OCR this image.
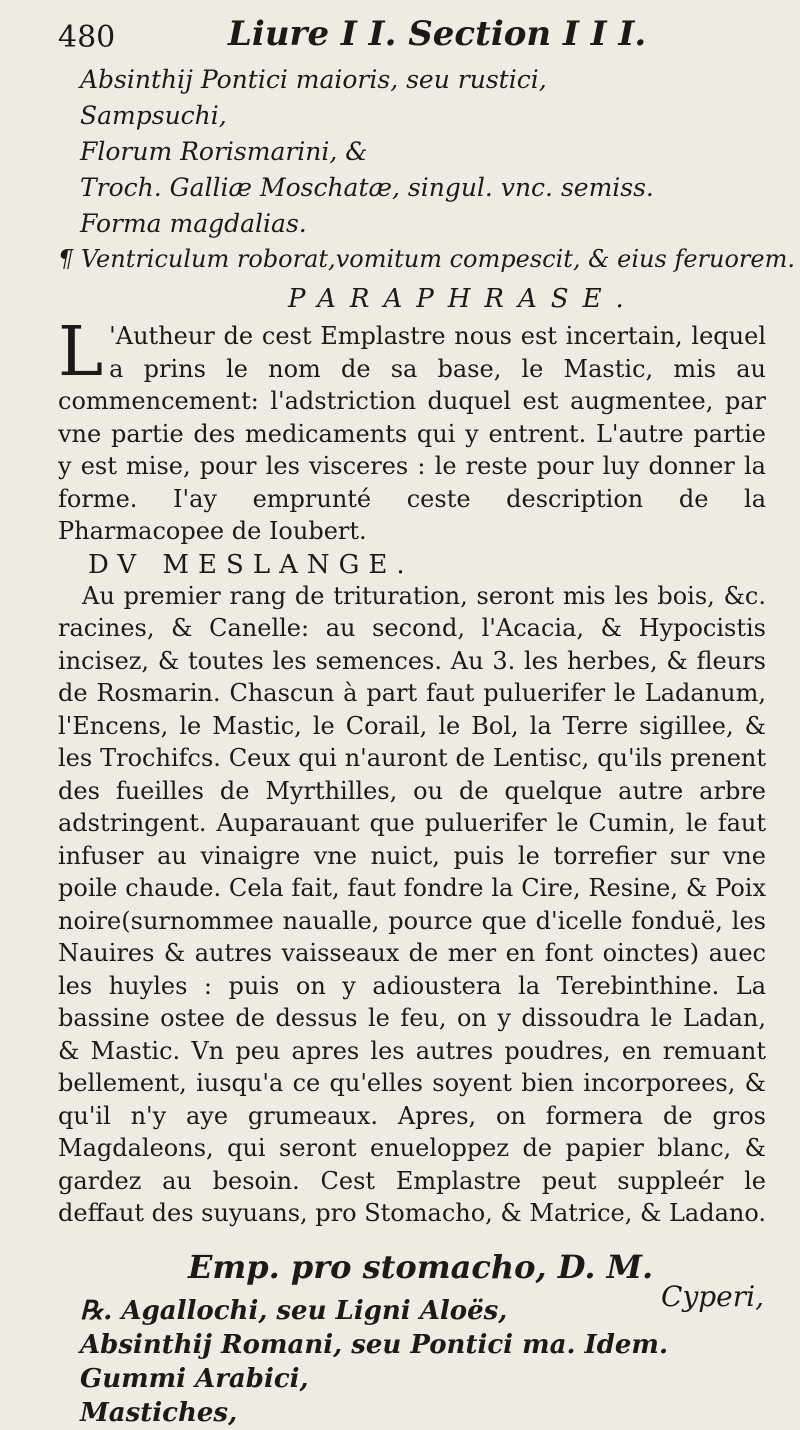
480	Liure I I. Section I I I.
Absinthij Pontici maioris, seu rustici,
Sampsuchi,
Florum Rorismarini, &
Troch. Galliæ Moschatæ, singul. vnc. semiss.
Forma magdalias.
¶ Ventriculum roborat,vomitum compescit, & eius feruorem.
PARAPHRASE.

L 'Autheur de cest Emplastre nous est incertain, lequel a prins le nom de sa base, le Mastic, mis au commencement: l'adstriction duquel est augmentee, par vne partie des medicaments qui y entrent. L'autre partie y est mise, pour les visceres : le reste pour luy donner la forme. I'ay emprunté ceste description de la Pharmacopee de Ioubert.

DV MESLANGE.

Au premier rang de trituration, seront mis les bois, &c. racines, & Canelle: au second, l'Acacia, & Hypocistis incisez, & toutes les semences. Au 3. les herbes, & fleurs de Rosmarin. Chascun à part faut puluerifer le Ladanum, l'Encens, le Mastic, le Corail, le Bol, la Terre sigillee, & les Trochifcs. Ceux qui n'auront de Lentisc, qu'ils prenent des fueilles de Myrthilles, ou de quelque autre arbre adstringent. Auparauant que puluerifer le Cumin, le faut infuser au vinaigre vne nuict, puis le torrefier sur vne poile chaude. Cela fait, faut fondre la Cire, Resine, & Poix noire(surnommee naualle, pource que d'icelle fonduë, les Nauires & autres vaisseaux de mer en font oinctes) auec les huyles : puis on y adioustera la Terebinthine. La bassine ostee de dessus le feu, on y dissoudra le Ladan, & Mastic. Vn peu apres les autres poudres, en remuant bellement, iusqu'a ce qu'elles soyent bien incorporees, & qu'il n'y aye grumeaux. Apres, on formera de gros Magdaleons, qui seront enueloppez de papier blanc, & gardez au besoin. Cest Emplastre peut suppleér le deffaut des suyuans, pro Stomacho, & Matrice, & Ladano.

Emp. pro stomacho, D. M.
℞. Agallochi, seu Ligni Aloës,
Absinthij Romani, seu Pontici ma. Idem.
Gummi Arabici,
Mastiches,
Cyperi,
